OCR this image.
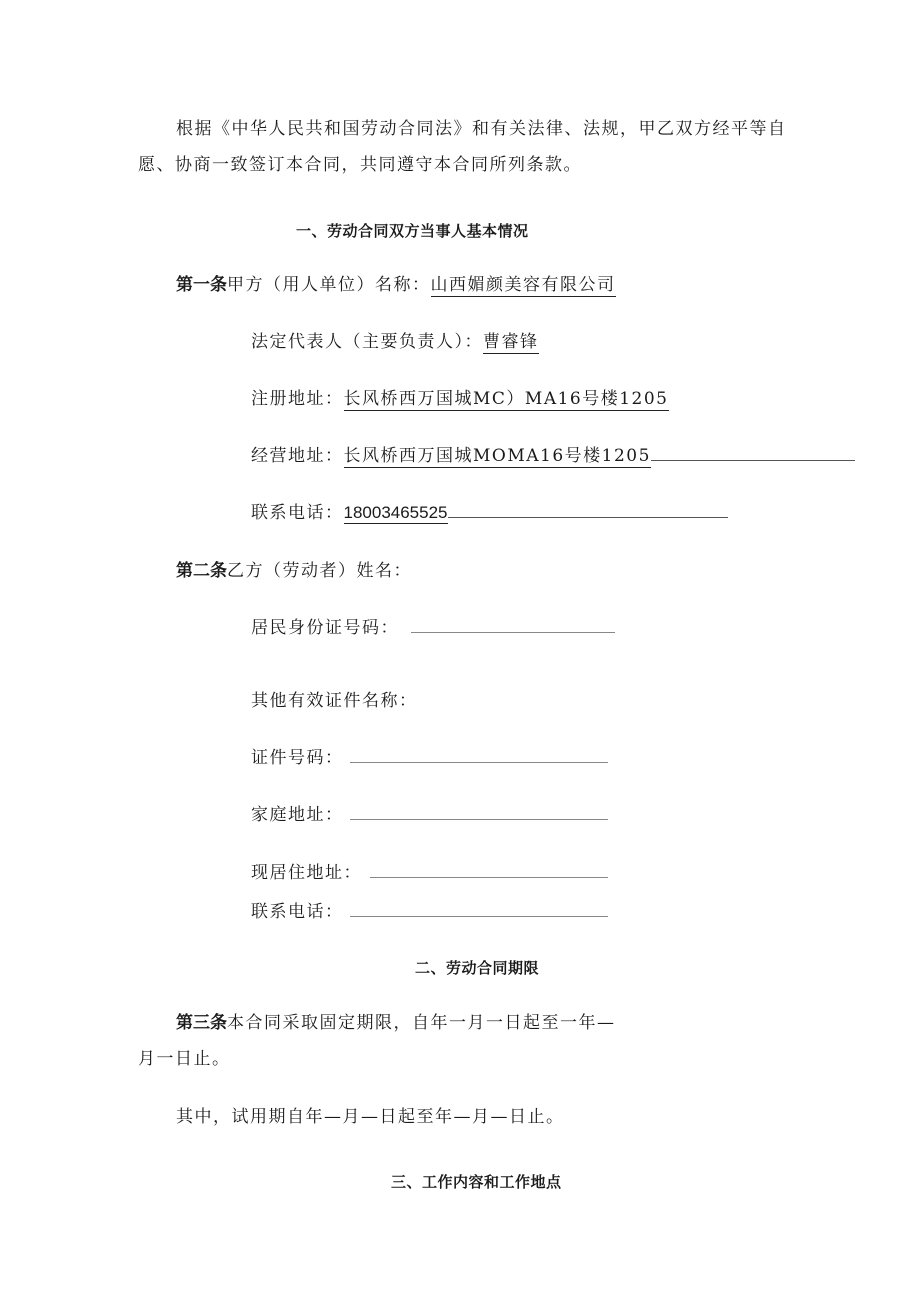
根据《中华人民共和国劳动合同法》和有关法律、法规，甲乙双方经平等自
愿、协商一致签订本合同，共同遵守本合同所列条款。
一、劳动合同双方当事人基本情况
第一条甲方（用人单位）名称：山西媚颜美容有限公司
法定代表人（主要负责人）：曹睿锋
注册地址：长风桥西万国城MC）MA16号楼1205
经营地址：长风桥西万国城MOMA16号楼1205
联系电话：18003465525
第二条乙方（劳动者）姓名：
居民身份证号码：
其他有效证件名称：
证件号码：
家庭地址：
现居住地址：
联系电话：
二、劳动合同期限
第三条本合同采取固定期限，自年一月一日起至一年—
月一日止。
其中，试用期自年—月—日起至年—月—日止。
三、工作内容和工作地点
